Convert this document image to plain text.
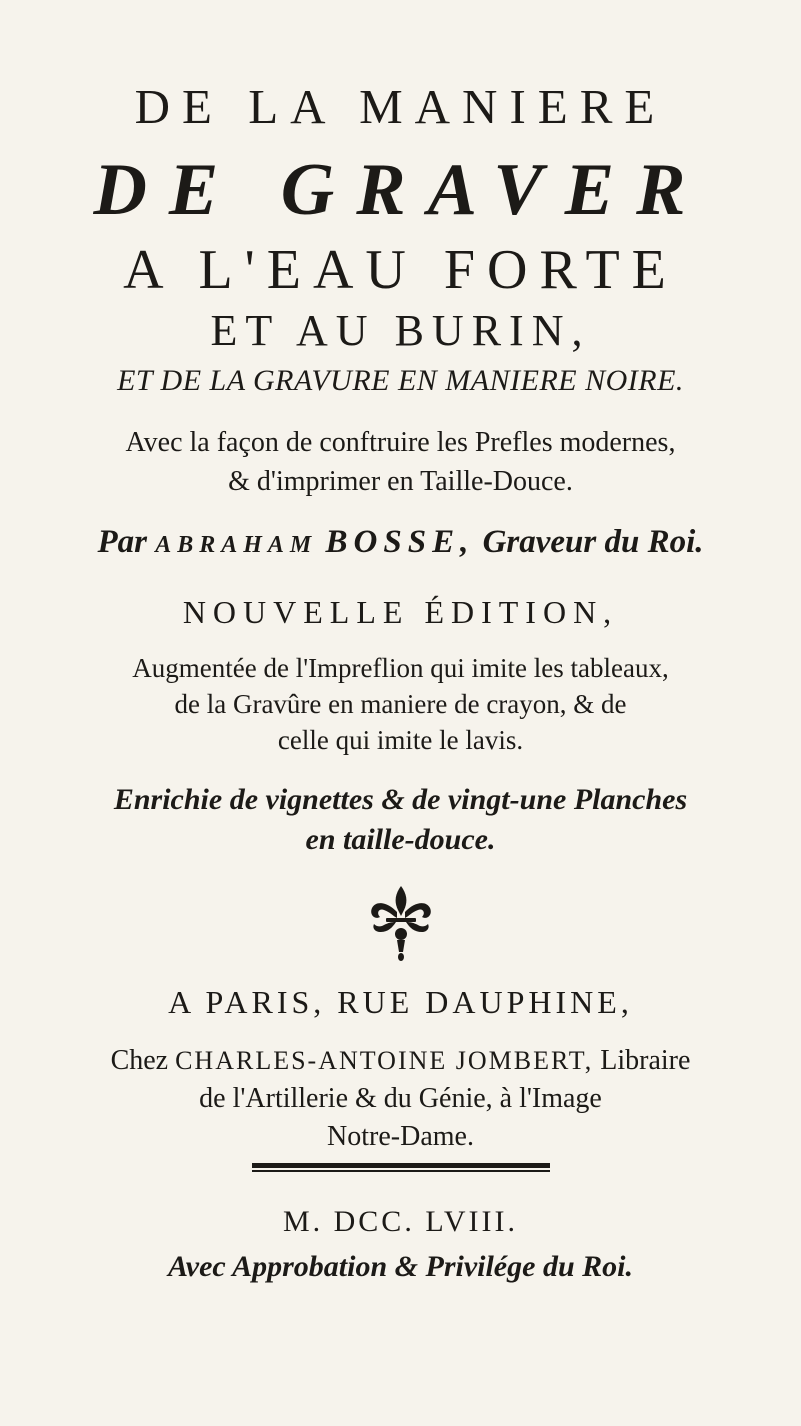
DE LA MANIERE
DE GRAVER
A L'EAU FORTE
ET AU BURIN,
ET DE LA GRAVURE EN MANIERE NOIRE.
Avec la façon de conftruire les Prefles modernes,
& d'imprimer en Taille-Douce.
Par ABRAHAM BOSSE, Graveur du Roi.
NOUVELLE ÉDITION,
Augmentée de l'Impreflion qui imite les tableaux,
de la Gravûre en maniere de crayon, & de
celle qui imite le lavis.
Enrichie de vignettes & de vingt-une Planches
en taille-douce.
A PARIS, RUE DAUPHINE,
Chez CHARLES-ANTOINE JOMBERT, Libraire
de l'Artillerie & du Génie, à l'Image
Notre-Dame.
M. DCC. LVIII.
Avec Approbation & Privilége du Roi.
